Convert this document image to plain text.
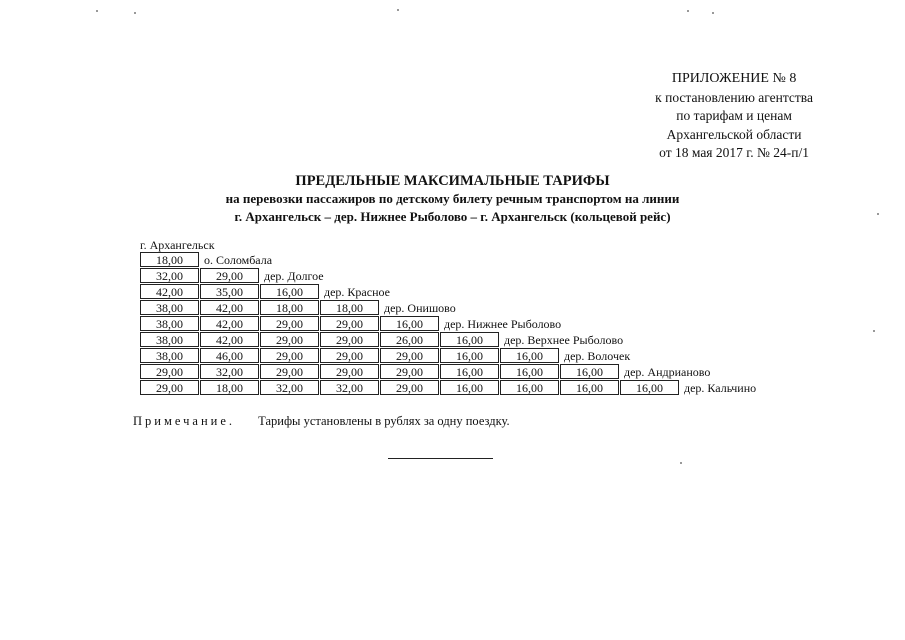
ПРИЛОЖЕНИЕ № 8
к постановлению агентства
по тарифам и ценам
Архангельской области
от 18 мая 2017 г. № 24-п/1
ПРЕДЕЛЬНЫЕ МАКСИМАЛЬНЫЕ ТАРИФЫ
на перевозки пассажиров по детскому билету речным транспортом на линии
г. Архангельск – дер. Нижнее Рыболово – г. Архангельск (кольцевой рейс)
г. Архангельск
18,00	о. Соломбала
32,00	29,00	дер. Долгое
42,00	35,00	16,00	дер. Красное
38,00	42,00	18,00	18,00	дер. Онишово
38,00	42,00	29,00	29,00	16,00	дер. Нижнее Рыболово
38,00	42,00	29,00	29,00	26,00	16,00	дер. Верхнее Рыболово
38,00	46,00	29,00	29,00	29,00	16,00	16,00	дер. Волочек
29,00	32,00	29,00	29,00	29,00	16,00	16,00	16,00	дер. Андрианово
29,00	18,00	32,00	32,00	29,00	16,00	16,00	16,00	16,00	дер. Кальчино
Примечание. Тарифы установлены в рублях за одну поездку.
